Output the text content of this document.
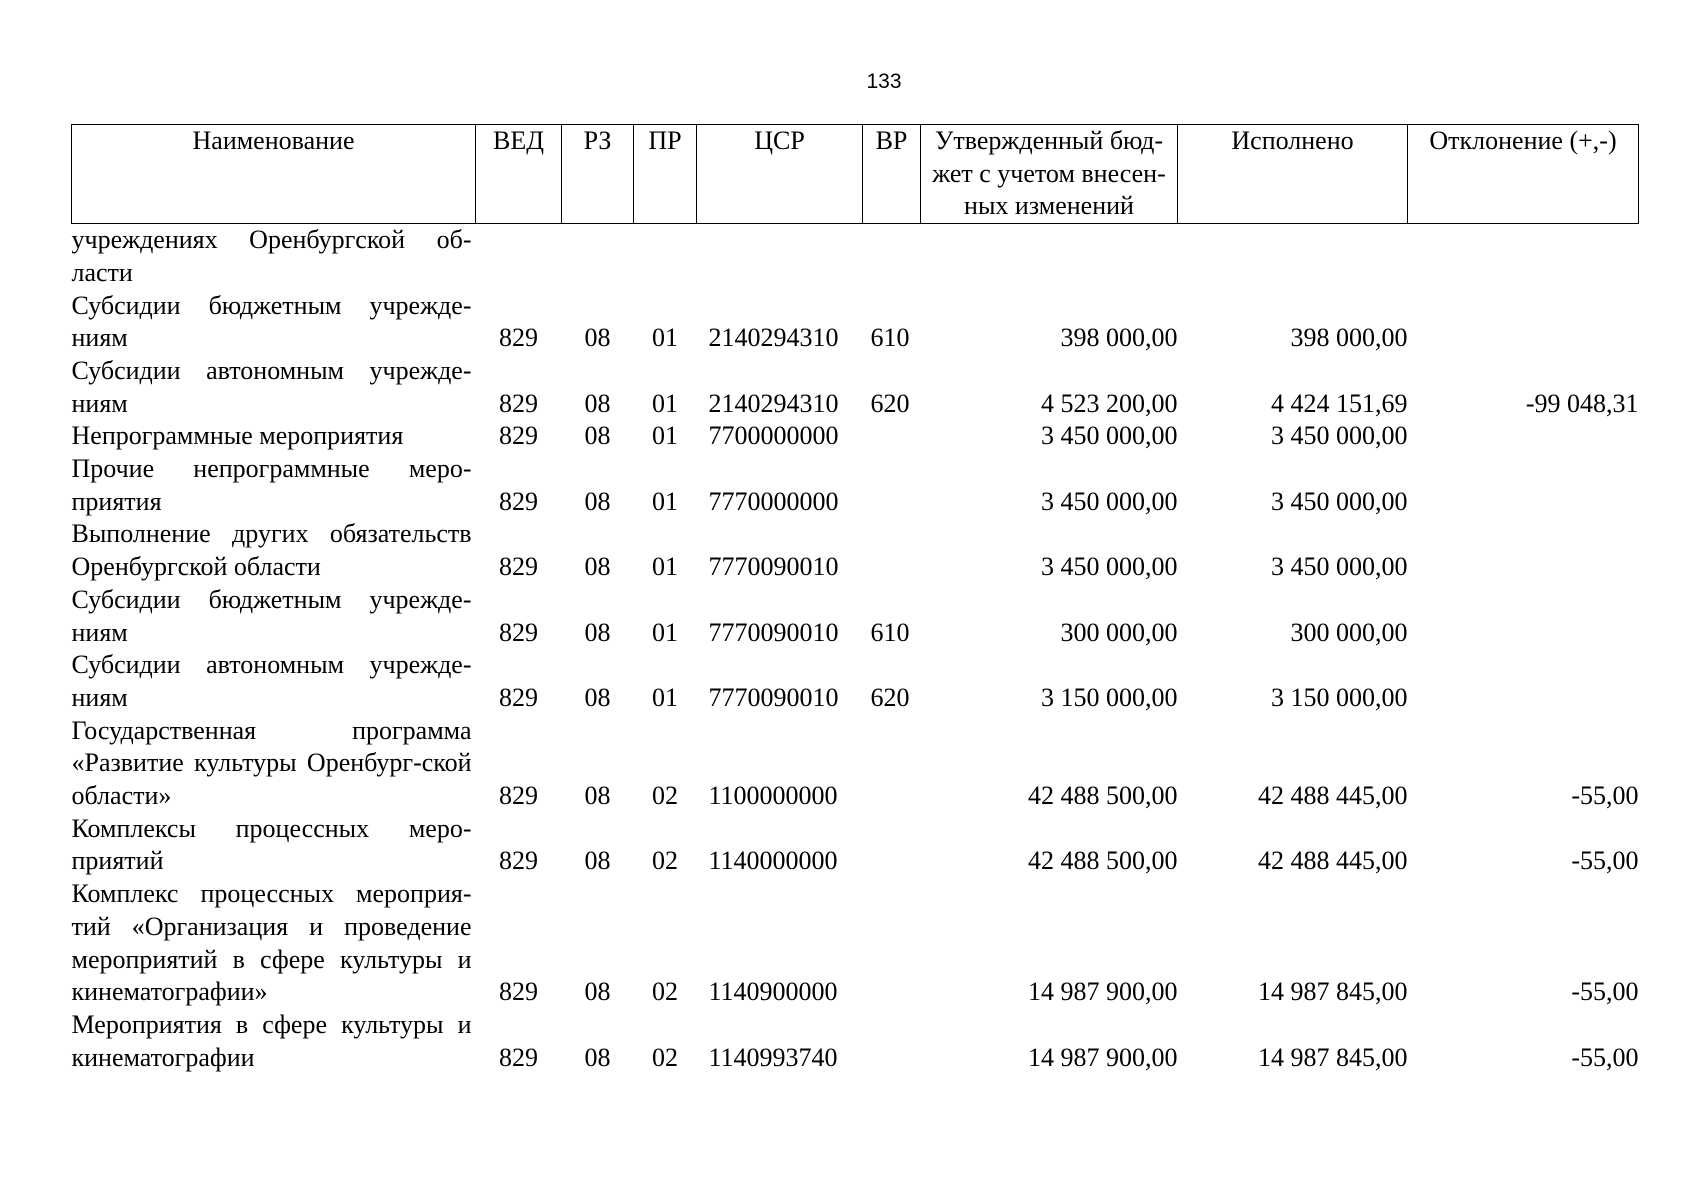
133
Наименование	ВЕД	РЗ	ПР	ЦСР	ВР	Утвержденный бюд-жет с учетом внесен-ных изменений	Исполнено	Отклонение (+,-)
учреждениях Оренбургской об-ласти								
Субсидии бюджетным учрежде-ниям	829	08	01	2140294310	610	398 000,00	398 000,00	
Субсидии автономным учрежде-ниям	829	08	01	2140294310	620	4 523 200,00	4 424 151,69	-99 048,31
Непрограммные мероприятия	829	08	01	7700000000		3 450 000,00	3 450 000,00	
Прочие непрограммные меро-приятия	829	08	01	7770000000		3 450 000,00	3 450 000,00	
Выполнение других обязательств Оренбургской области	829	08	01	7770090010		3 450 000,00	3 450 000,00	
Субсидии бюджетным учрежде-ниям	829	08	01	7770090010	610	300 000,00	300 000,00	
Субсидии автономным учрежде-ниям	829	08	01	7770090010	620	3 150 000,00	3 150 000,00	
Государственная программа «Развитие культуры Оренбург-ской области»	829	08	02	1100000000		42 488 500,00	42 488 445,00	-55,00
Комплексы процессных меро-приятий	829	08	02	1140000000		42 488 500,00	42 488 445,00	-55,00
Комплекс процессных мероприя-тий «Организация и проведение мероприятий в сфере культуры и кинематографии»	829	08	02	1140900000		14 987 900,00	14 987 845,00	-55,00
Мероприятия в сфере культуры и кинематографии	829	08	02	1140993740		14 987 900,00	14 987 845,00	-55,00
